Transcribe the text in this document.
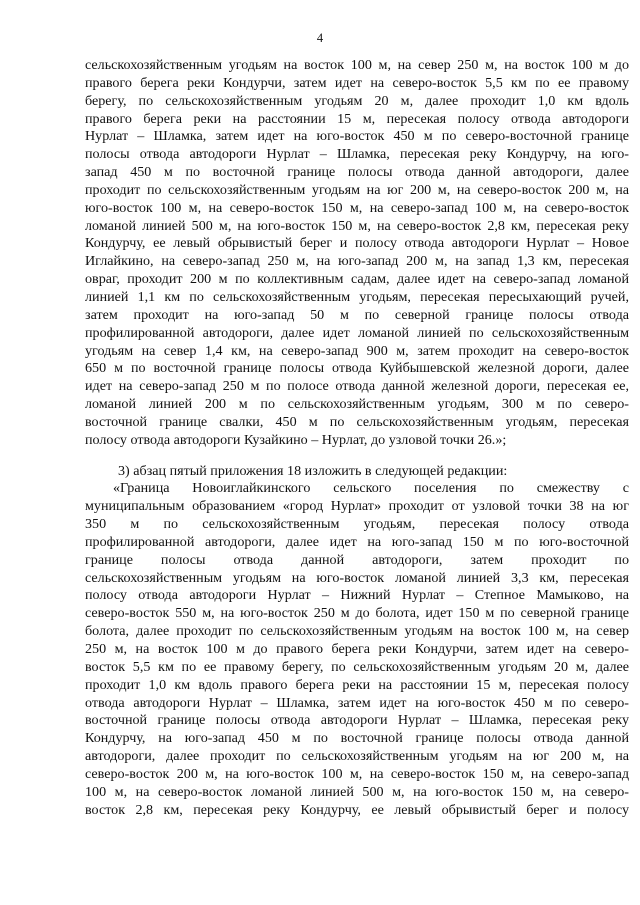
4
сельскохозяйственным угодьям на восток 100 м, на север 250 м, на восток 100 м до
правого берега реки Кондурчи, затем идет на северо-восток 5,5 км по ее правому
берегу, по сельскохозяйственным угодьям 20 м, далее проходит 1,0 км вдоль
правого берега реки на расстоянии 15 м, пересекая полосу отвода автодороги
Нурлат – Шламка, затем идет на юго-восток 450 м по северо-восточной границе
полосы отвода автодороги Нурлат – Шламка, пересекая реку Кондурчу, на юго-
запад 450 м по восточной границе полосы отвода данной автодороги, далее
проходит по сельскохозяйственным угодьям на юг 200 м, на северо-восток 200 м, на
юго-восток 100 м, на северо-восток 150 м, на северо-запад 100 м, на северо-восток
ломаной линией 500 м, на юго-восток 150 м, на северо-восток 2,8 км, пересекая реку
Кондурчу, ее левый обрывистый берег и полосу отвода автодороги Нурлат – Новое
Иглайкино, на северо-запад 250 м, на юго-запад 200 м, на запад 1,3 км, пересекая
овраг, проходит 200 м по коллективным садам, далее идет на северо-запад ломаной
линией 1,1 км по сельскохозяйственным угодьям, пересекая пересыхающий ручей,
затем проходит на юго-запад 50 м по северной границе полосы отвода
профилированной автодороги, далее идет ломаной линией по сельскохозяйственным
угодьям на север 1,4 км, на северо-запад 900 м, затем проходит на северо-восток
650 м по восточной границе полосы отвода Куйбышевской железной дороги, далее
идет на северо-запад 250 м по полосе отвода данной железной дороги, пересекая ее,
ломаной линией 200 м по сельскохозяйственным угодьям, 300 м по северо-
восточной границе свалки, 450 м по сельскохозяйственным угодьям, пересекая
полосу отвода автодороги Кузайкино – Нурлат, до узловой точки 26.»;
3) абзац пятый приложения 18 изложить в следующей редакции:
«Граница Новоиглайкинского сельского поселения по смежеству с
муниципальным образованием «город Нурлат» проходит от узловой точки 38 на юг
350 м по сельскохозяйственным угодьям, пересекая полосу отвода
профилированной автодороги, далее идет на юго-запад 150 м по юго-восточной
границе полосы отвода данной автодороги, затем проходит по
сельскохозяйственным угодьям на юго-восток ломаной линией 3,3 км, пересекая
полосу отвода автодороги Нурлат – Нижний Нурлат – Степное Мамыково, на
северо-восток 550 м, на юго-восток 250 м до болота, идет 150 м по северной границе
болота, далее проходит по сельскохозяйственным угодьям на восток 100 м, на север
250 м, на восток 100 м до правого берега реки Кондурчи, затем идет на северо-
восток 5,5 км по ее правому берегу, по сельскохозяйственным угодьям 20 м, далее
проходит 1,0 км вдоль правого берега реки на расстоянии 15 м, пересекая полосу
отвода автодороги Нурлат – Шламка, затем идет на юго-восток 450 м по северо-
восточной границе полосы отвода автодороги Нурлат – Шламка, пересекая реку
Кондурчу, на юго-запад 450 м по восточной границе полосы отвода данной
автодороги, далее проходит по сельскохозяйственным угодьям на юг 200 м, на
северо-восток 200 м, на юго-восток 100 м, на северо-восток 150 м, на северо-запад
100 м, на северо-восток ломаной линией 500 м, на юго-восток 150 м, на северо-
восток 2,8 км, пересекая реку Кондурчу, ее левый обрывистый берег и полосу
